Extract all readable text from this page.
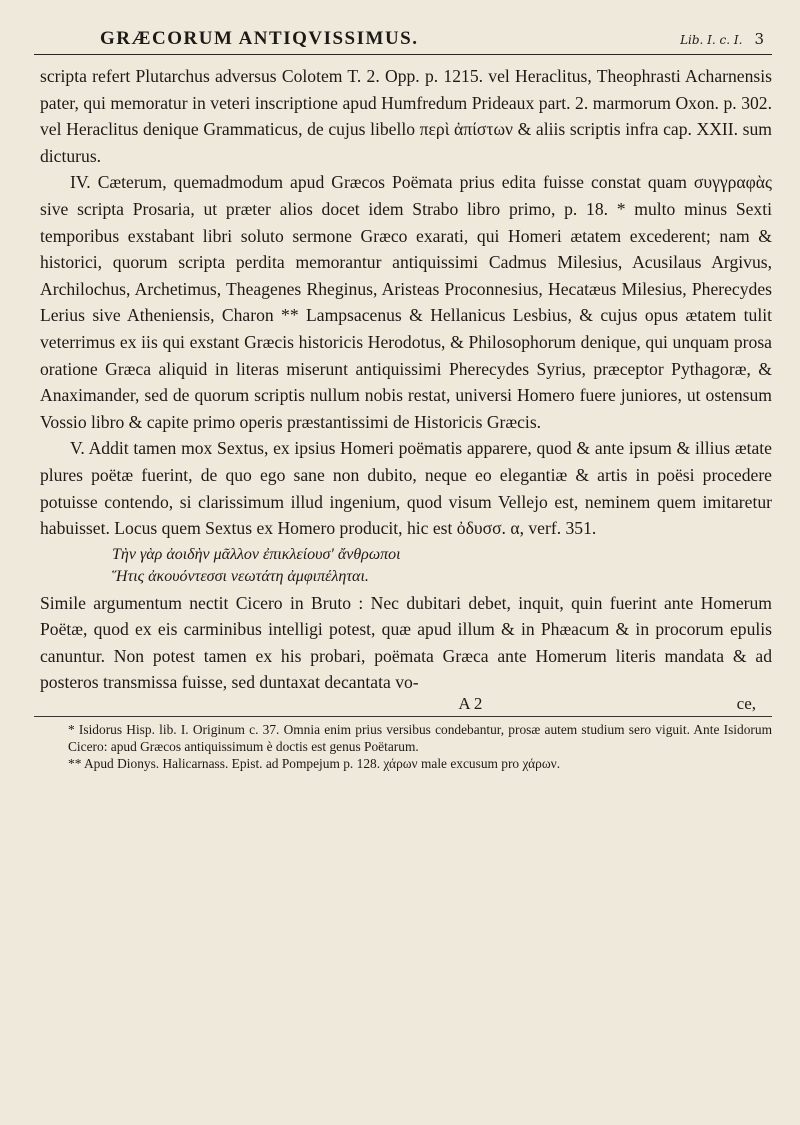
GRÆCORUM ANTIQVISSIMUS.	Lib. I. c. I. 3

scripta refert Plutarchus adversus Colotem T. 2. Opp. p. 1215. vel Heraclitus, Theophrasti Acharnensis pater, qui memoratur in veteri inscriptione apud Humfredum Prideaux part. 2. marmorum Oxon. p. 302. vel Heraclitus denique Grammaticus, de cujus libello περὶ ἀπίστων & aliis scriptis infra cap. XXII. sum dicturus.

IV. Cæterum, quemadmodum apud Græcos Poëmata prius edita fuisse constat quam συγγραφὰς sive scripta Prosaria, ut præter alios docet idem Strabo libro primo, p. 18. * multo minus Sexti temporibus exstabant libri soluto sermone Græco exarati, qui Homeri ætatem excederent; nam & historici, quorum scripta perdita memorantur antiquissimi Cadmus Milesius, Acusilaus Argivus, Archilochus, Archetimus, Theagenes Rheginus, Aristeas Proconnesius, Hecatæus Milesius, Pherecydes Lerius sive Atheniensis, Charon ** Lampsacenus & Hellanicus Lesbius, & cujus opus ætatem tulit veterrimus ex iis qui exstant Græcis historicis Herodotus, & Philosophorum denique, qui unquam prosa oratione Græca aliquid in literas miserunt antiquissimi Pherecydes Syrius, præceptor Pythagoræ, & Anaximander, sed de quorum scriptis nullum nobis restat, universi Homero fuere juniores, ut ostensum Vossio libro & capite primo operis præstantissimi de Historicis Græcis.

V. Addit tamen mox Sextus, ex ipsius Homeri poëmatis apparere, quod & ante ipsum & illius ætate plures poëtæ fuerint, de quo ego sane non dubito, neque eo elegantiæ & artis in poësi procedere potuisse contendo, si clarissimum illud ingenium, quod visum Vellejo est, neminem quem imitaretur habuisset. Locus quem Sextus ex Homero producit, hic est ὀδυσσ. α, verf. 351.

Τὴν γὰρ ἀοιδὴν μᾶλλον ἐπικλείουσ' ἄνθρωποι
Ἥτις ἀκουόντεσσι νεωτάτη ἀμφιπέληται.

Simile argumentum nectit Cicero in Bruto : Nec dubitari debet, inquit, quin fuerint ante Homerum Poëtæ, quod ex eis carminibus intelligi potest, quæ apud illum & in Phæacum & in procorum epulis canuntur. Non potest tamen ex his probari, poëmata Græca ante Homerum literis mandata & ad posteros transmissa fuisse, sed duntaxat decantata vo-

A 2	ce,

* Isidorus Hisp. lib. I. Originum c. 37. Omnia enim prius versibus condebantur, prosæ autem studium sero viguit. Ante Isidorum Cicero: apud Græcos antiquissimum è doctis est genus Poëtarum.

** Apud Dionys. Halicarnass. Epist. ad Pompejum p. 128. χάρων male excusum pro χάρων.
